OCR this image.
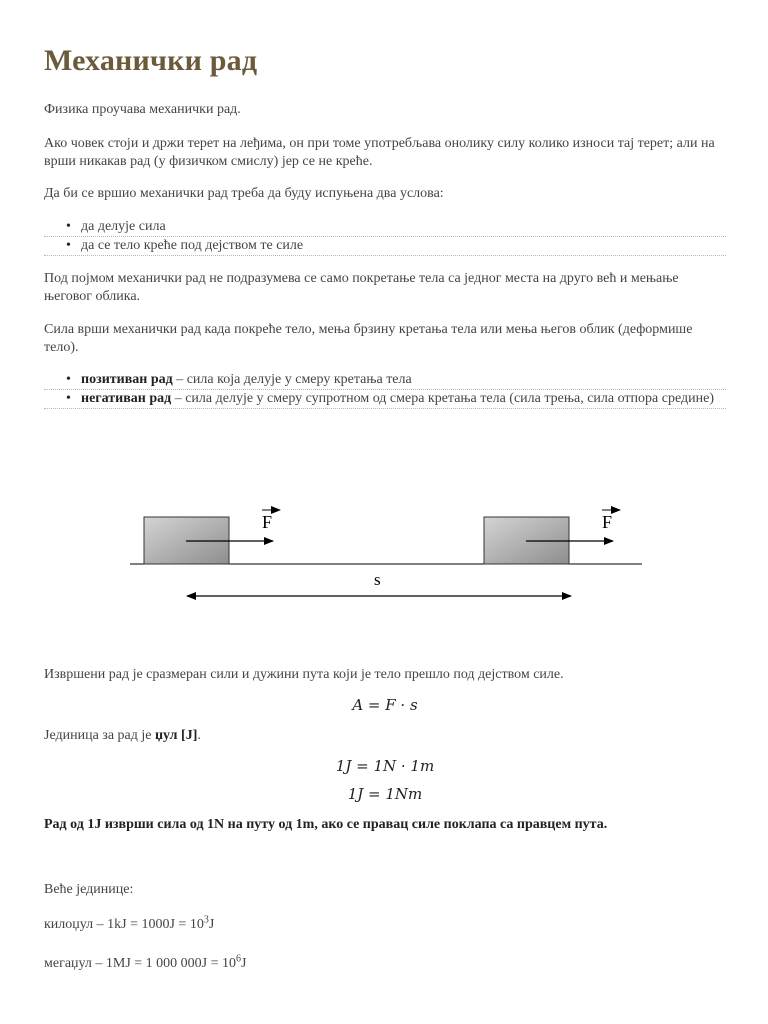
Механички рад

Физика проучава механички рад.

Ако човек стоји и држи терет на леђима, он при томе употребљава онолику силу колико износи тај терет; али на врши никакав рад (у физичком смислу) јер се не креће.

Да би се вршио механички рад треба да буду испуњена два услова:

• да делује сила
• да се тело креће под дејством те силе

Под појмом механички рад не подразумева се само покретање тела са једног места на друго већ и мењање његовог облика.

Сила врши механички рад када покреће тело, мења брзину кретања тела или мења његов облик (деформише тело).

• позитиван рад – сила која делује у смеру кретања тела
• негативан рад – сила делује у смеру супротном од смера кретања тела (сила трења, сила отпора средине)
F	F
s

Извршени рад је сразмеран сили и дужини пута који је тело прешло под дејством силе.

A = F · s

Јединица за рад је џул [J].

1J = 1N · 1m
1J = 1Nm

Рад од 1J изврши сила од 1N на путу од 1m, ако се правац силе поклапа са правцем пута.

Веће јединице:

килоџул – $1kJ = 1000J = 10^3J$

мегаџул – 1MJ = 1 000 $000J = 10^6J$
